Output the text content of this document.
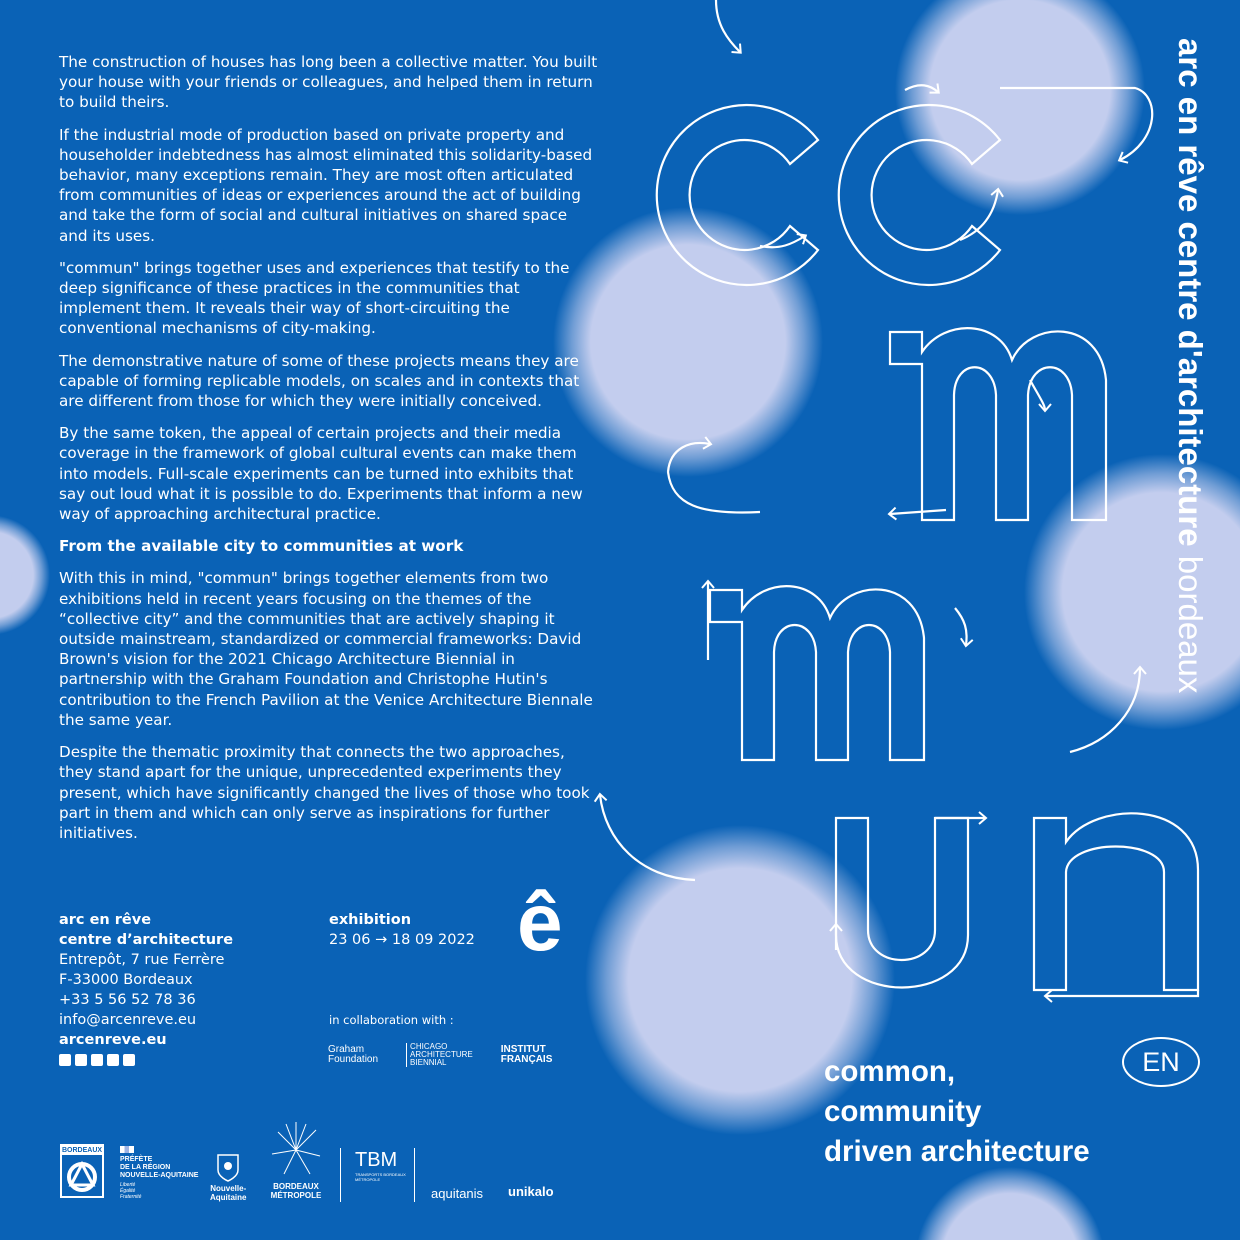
The construction of houses has long been a collective matter. You built your house with your friends or colleagues, and helped them in return to build theirs.

If the industrial mode of production based on private property and householder indebtedness has almost eliminated this solidarity-based behavior, many exceptions remain. They are most often articulated from communities of ideas or experiences around the act of building and take the form of social and cultural initiatives on shared space and its uses.

"commun" brings together uses and experiences that testify to the deep significance of these practices in the communities that implement them. It reveals their way of short-circuiting the conventional mechanisms of city-making.

The demonstrative nature of some of these projects means they are capable of forming replicable models, on scales and in contexts that are different from those for which they were initially conceived.

By the same token, the appeal of certain projects and their media coverage in the framework of global cultural events can make them into models. Full-scale experiments can be turned into exhibits that say out loud what it is possible to do. Experiments that inform a new way of approaching architectural practice.

From the available city to communities at work

With this in mind, "commun" brings together elements from two exhibitions held in recent years focusing on the themes of the “collective city” and the communities that are actively shaping it outside mainstream, standardized or commercial frameworks: David Brown's vision for the 2021 Chicago Architecture Biennial in partnership with the Graham Foundation and Christophe Hutin's contribution to the French Pavilion at the Venice Architecture Biennale the same year.

Despite the thematic proximity that connects the two approaches, they stand apart for the unique, unprecedented experiments they present, which have significantly changed the lives of those who took part in them and which can only serve as inspirations for further initiatives.

arc en rêve
centre d’architecture
Entrepôt, 7 rue Ferrère
F-33000 Bordeaux
+33 5 56 52 78 36
info@arcenreve.eu
arcenreve.eu
exhibition
23 06 → 18 09 2022
in collaboration with :
Graham
Foundation
CHICAGO
ARCHITECTURE
BIENNIAL
INSTITUT
FRANÇAIS
ê
arc en rêve centre d'architecture bordeaux
common,
community
driven architecture
EN
BORDEAUX
PRÉFÈTE
DE LA RÉGION
NOUVELLE-AQUITAINE
Liberté
Égalité
Fraternité
Nouvelle-
Aquitaine
BORDEAUX
MÉTROPOLE
TBM
TRANSPORTS BORDEAUX MÉTROPOLE
aquitanis unikalo
